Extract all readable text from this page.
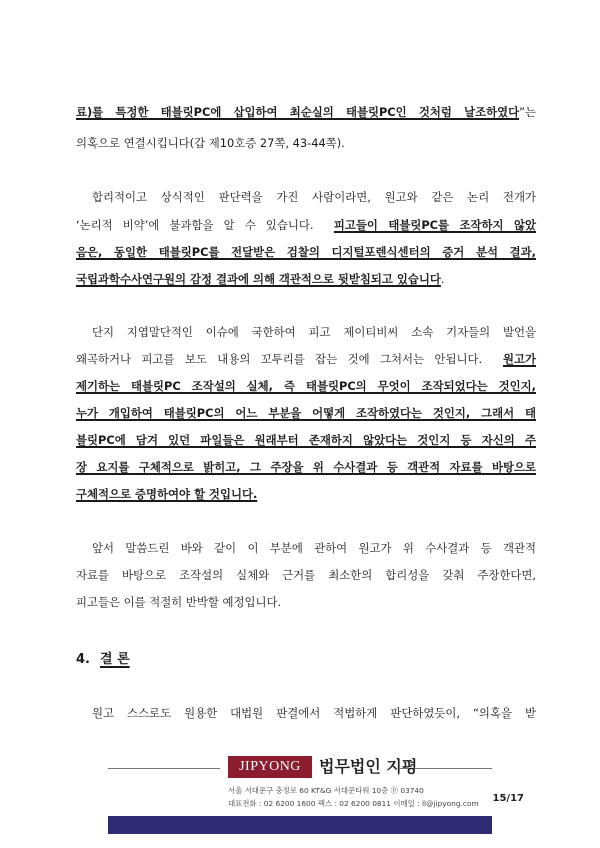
료)를 특정한 태블릿PC에 삽입하여 최순실의 태블릿PC인 것처럼 날조하였다”는
의혹으로 연결시킵니다(갑 제10호증 27쪽, 43-44쪽).
합리적이고 상식적인 판단력을 가진 사람이라면, 원고와 같은 논리 전개가
‘논리적 비약’에 불과함을 알 수 있습니다. 피고들이 태블릿PC를 조작하지 않았
음은, 동일한 태블릿PC를 전달받은 검찰의 디지털포렌식센터의 증거 분석 결과,
국립과학수사연구원의 감정 결과에 의해 객관적으로 뒷받침되고 있습니다.
단지 지엽말단적인 이슈에 국한하여 피고 제이티비씨 소속 기자들의 발언을
왜곡하거나 피고를 보도 내용의 꼬투리를 잡는 것에 그쳐서는 안됩니다. 원고가
제기하는 태블릿PC 조작설의 실체, 즉 태블릿PC의 무엇이 조작되었다는 것인지,
누가 개입하여 태블릿PC의 어느 부분을 어떻게 조작하였다는 것인지, 그래서 태
블릿PC에 담겨 있던 파일들은 원래부터 존재하지 않았다는 것인지 등 자신의 주
장 요지를 구체적으로 밝히고, 그 주장을 위 수사결과 등 객관적 자료를 바탕으로
구체적으로 증명하여야 할 것입니다.
앞서 말씀드린 바와 같이 이 부분에 관하여 원고가 위 수사결과 등 객관적
자료를 바탕으로 조작설의 실체와 근거를 최소한의 합리성을 갖춰 주장한다면,
피고들은 이를 적절히 반박할 예정입니다.
4. 결 론
원고 스스로도 원용한 대법원 판결에서 적법하게 판단하였듯이, “의혹을 받
JIPYONG	법무법인 지평
서울 서대문구 충정로 60 KT&G 서대문타워 10층 ⓟ 03740
대표전화 : 02 6200 1600 팩스 : 02 6200 0811 이메일 : ll@jipyong.com 15/17
